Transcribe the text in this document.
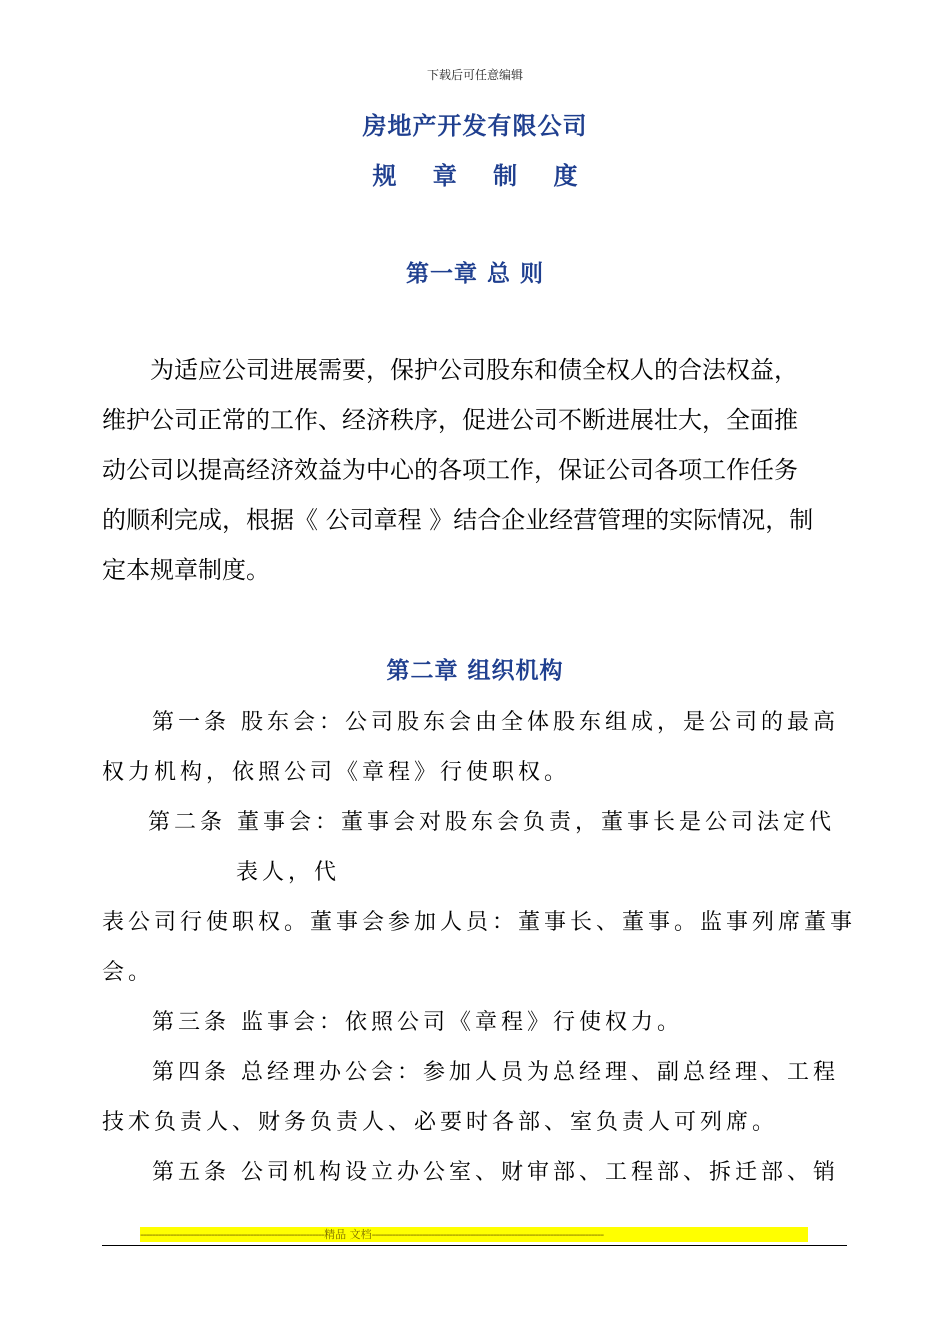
下载后可任意编辑
房地产开发有限公司
规 章 制 度
第一章 总 则
为适应公司进展需要，保护公司股东和债全权人的合法权益，
维护公司正常的工作、经济秩序，促进公司不断进展壮大，全面推
动公司以提高经济效益为中心的各项工作，保证公司各项工作任务
的顺利完成，根据《 公司章程 》结合企业经营管理的实际情况，制
定本规章制度。
第二章 组织机构
第一条 股东会：公司股东会由全体股东组成，是公司的最高
权力机构，依照公司《章程》行使职权。
第二条 董事会：董事会对股东会负责，董事长是公司法定代
表人，代
表公司行使职权。董事会参加人员：董事长、董事。监事列席董事
会。
第三条 监事会：依照公司《章程》行使权力。
第四条 总经理办公会：参加人员为总经理、副总经理、工程
技术负责人、财务负责人、必要时各部、室负责人可列席。
第五条 公司机构设立办公室、财审部、工程部、拆迁部、销
--------------------------------------------------------------精品 文档------------------------------------------------------------------------------
